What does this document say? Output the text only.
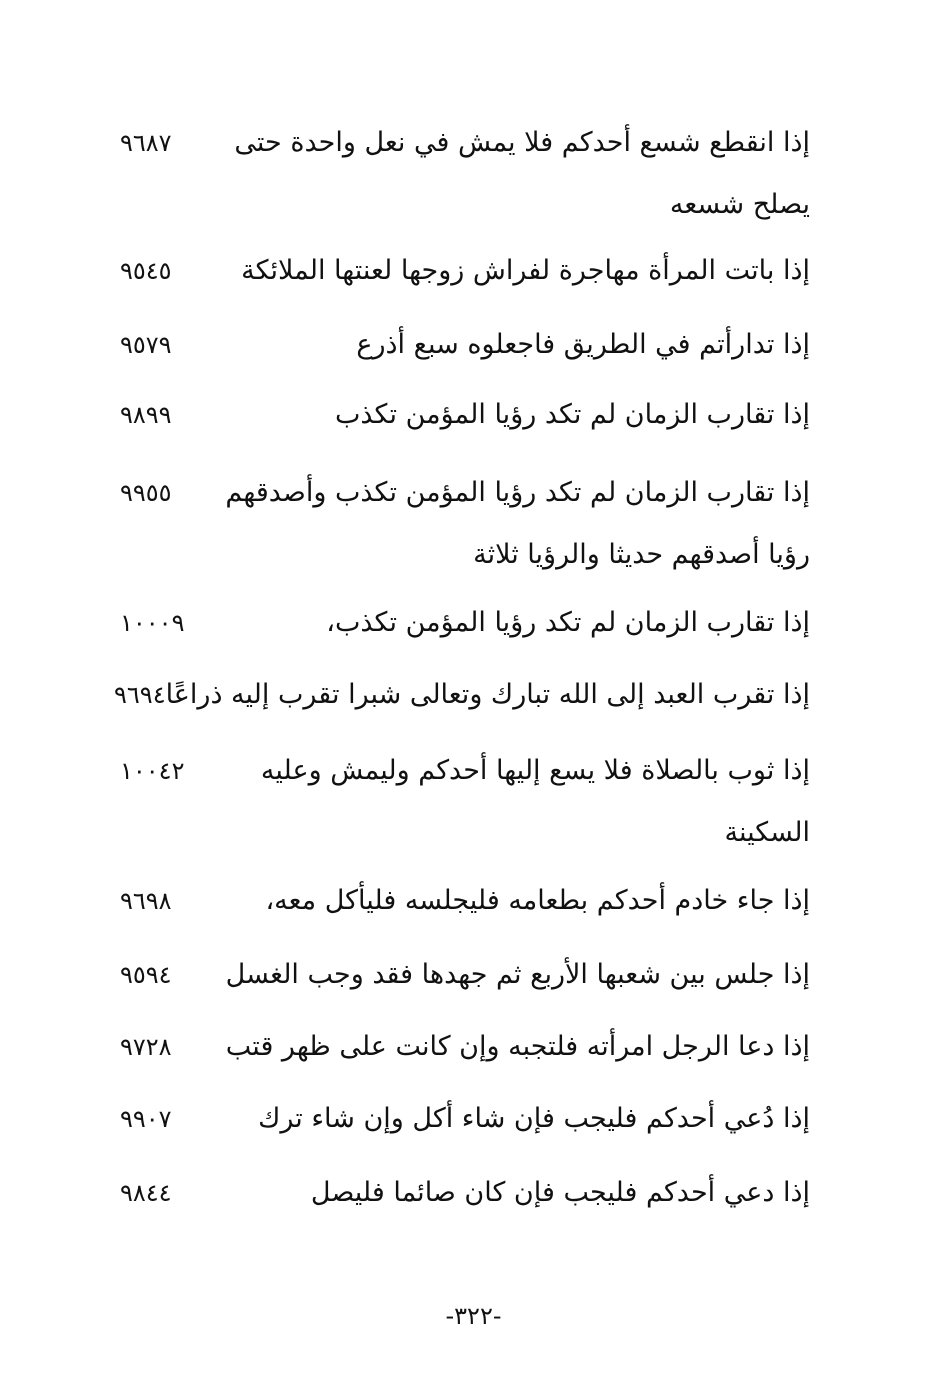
إذا انقطع شسع أحدكم فلا يمش في نعل واحدة حتى
٩٦٨٧
يصلح شسعه
إذا باتت المرأة مهاجرة لفراش زوجها لعنتها الملائكة
٩٥٤٥
إذا تدارأتم في الطريق فاجعلوه سبع أذرع
٩٥٧٩
إذا تقارب الزمان لم تكد رؤيا المؤمن تكذب
٩٨٩٩
إذا تقارب الزمان لم تكد رؤيا المؤمن تكذب وأصدقهم
٩٩٥٥
رؤيا أصدقهم حديثا والرؤيا ثلاثة
إذا تقارب الزمان لم تكد رؤيا المؤمن تكذب،
١٠٠٠٩
إذا تقرب العبد إلى الله تبارك وتعالى شبرا تقرب إليه ذراعًا
٩٦٩٤
إذا ثوب بالصلاة فلا يسع إليها أحدكم وليمش وعليه
١٠٠٤٢
السكينة
إذا جاء خادم أحدكم بطعامه فليجلسه فليأكل معه،
٩٦٩٨
إذا جلس بين شعبها الأربع ثم جهدها فقد وجب الغسل
٩٥٩٤
إذا دعا الرجل امرأته فلتجبه وإن كانت على ظهر قتب
٩٧٢٨
إذا دُعي أحدكم فليجب فإن شاء أكل وإن شاء ترك
٩٩٠٧
إذا دعي أحدكم فليجب فإن كان صائما فليصل
٩٨٤٤
-٣٢٢-
